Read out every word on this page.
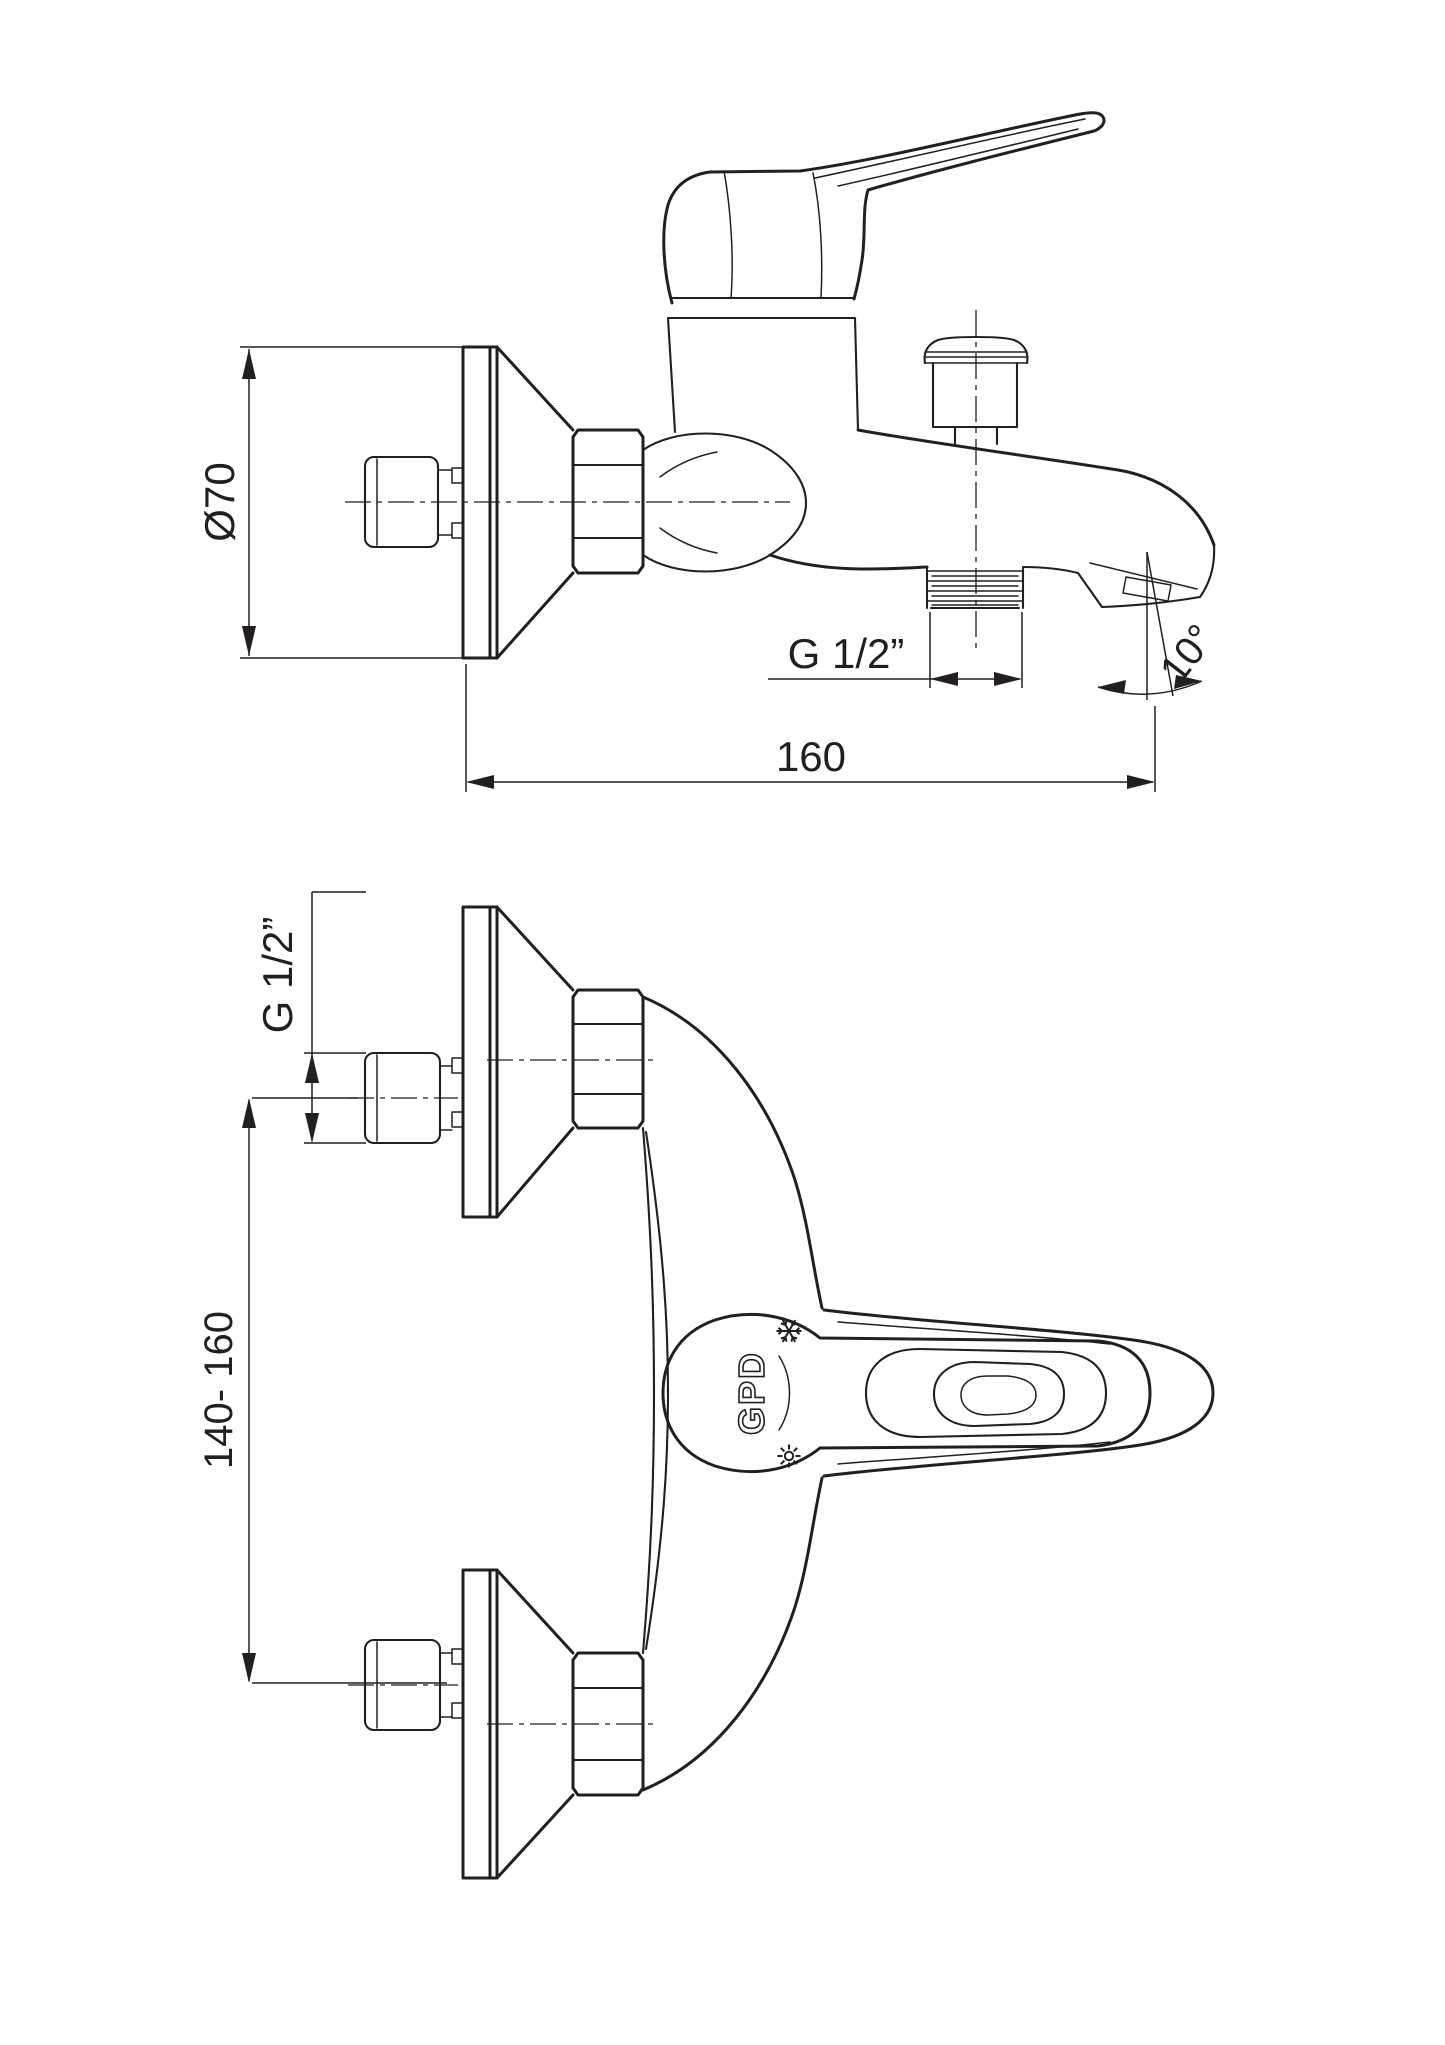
Ø70
G 1/2”	10°
160
GPD
G 1/2”
140- 160
